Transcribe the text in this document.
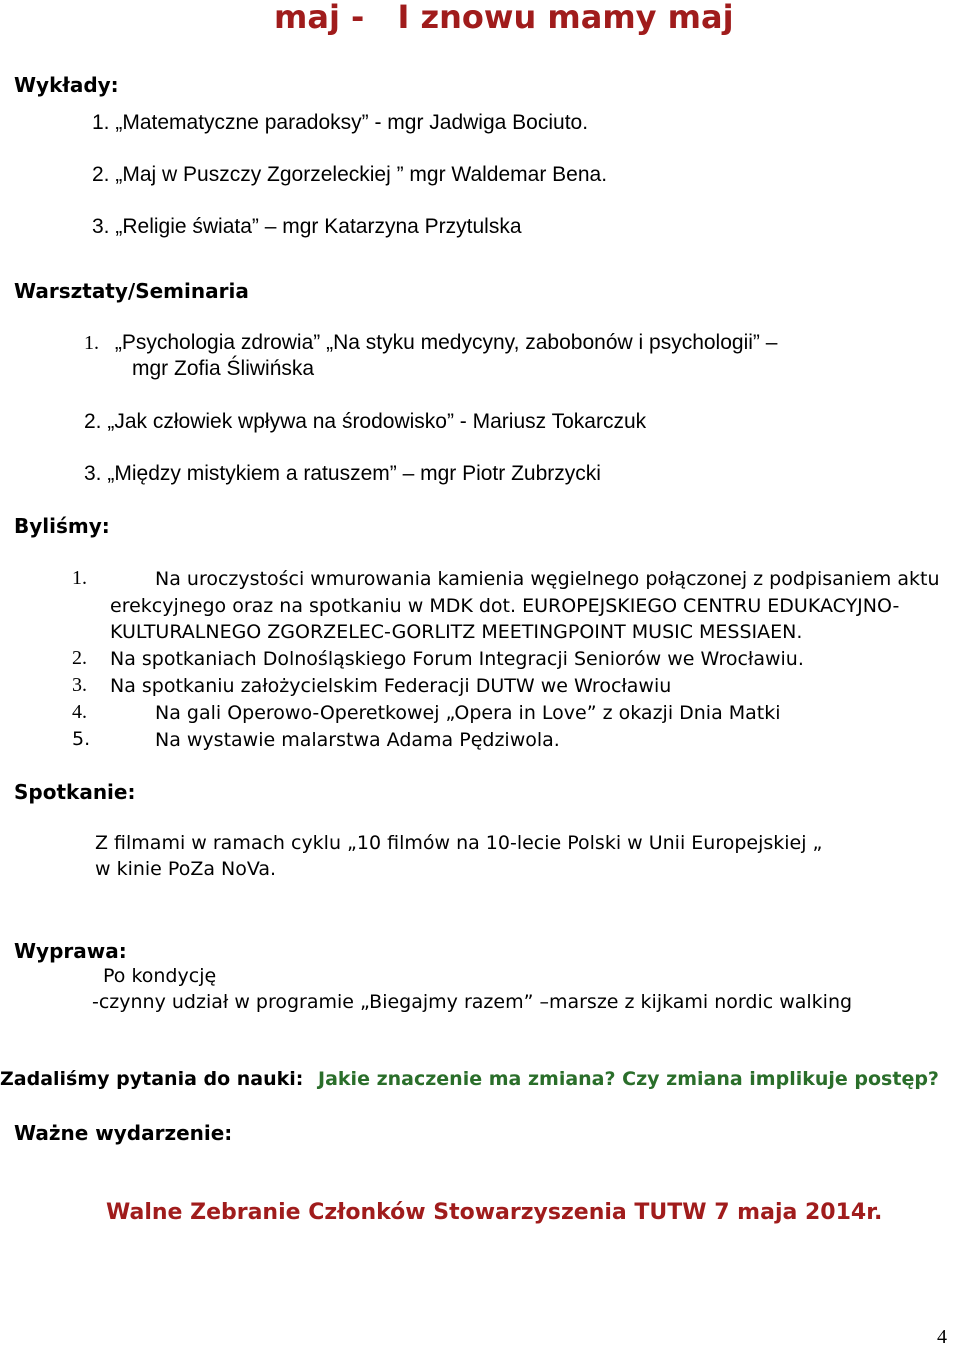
maj - I znowu mamy maj
Wykłady:
1. „Matematyczne paradoksy” - mgr Jadwiga Bociuto.
2. „Maj w Puszczy Zgorzeleckiej ” mgr Waldemar Bena.
3. „Religie świata” – mgr Katarzyna Przytulska
Warsztaty/Seminaria
1. „Psychologia zdrowia” „Na styku medycyny, zabobonów i psychologii” –
mgr Zofia Śliwińska
2. „Jak człowiek wpływa na środowisko” - Mariusz Tokarczuk
3. „Między mistykiem a ratuszem” – mgr Piotr Zubrzycki
Byliśmy:
1.	Na uroczystości wmurowania kamienia węgielnego połączonej z podpisaniem aktu
erekcyjnego oraz na spotkaniu w MDK dot. EUROPEJSKIEGO CENTRU EDUKACYJNO-
KULTURALNEGO ZGORZELEC-GORLITZ MEETINGPOINT MUSIC MESSIAEN.
2. Na spotkaniach Dolnośląskiego Forum Integracji Seniorów we Wrocławiu.
3. Na spotkaniu założycielskim Federacji DUTW we Wrocławiu
4.	Na gali Operowo-Operetkowej „Opera in Love” z okazji Dnia Matki
5.	Na wystawie malarstwa Adama Pędziwola.
Spotkanie:
Z filmami w ramach cyklu „10 filmów na 10-lecie Polski w Unii Europejskiej „
w kinie PoZa NoVa.
Wyprawa:
Po kondycję
-czynny udział w programie „Biegajmy razem” –marsze z kijkami nordic walking
Zadaliśmy pytania do nauki: Jakie znaczenie ma zmiana? Czy zmiana implikuje postęp?
Ważne wydarzenie:
Walne Zebranie Członków Stowarzyszenia TUTW 7 maja 2014r.
4
